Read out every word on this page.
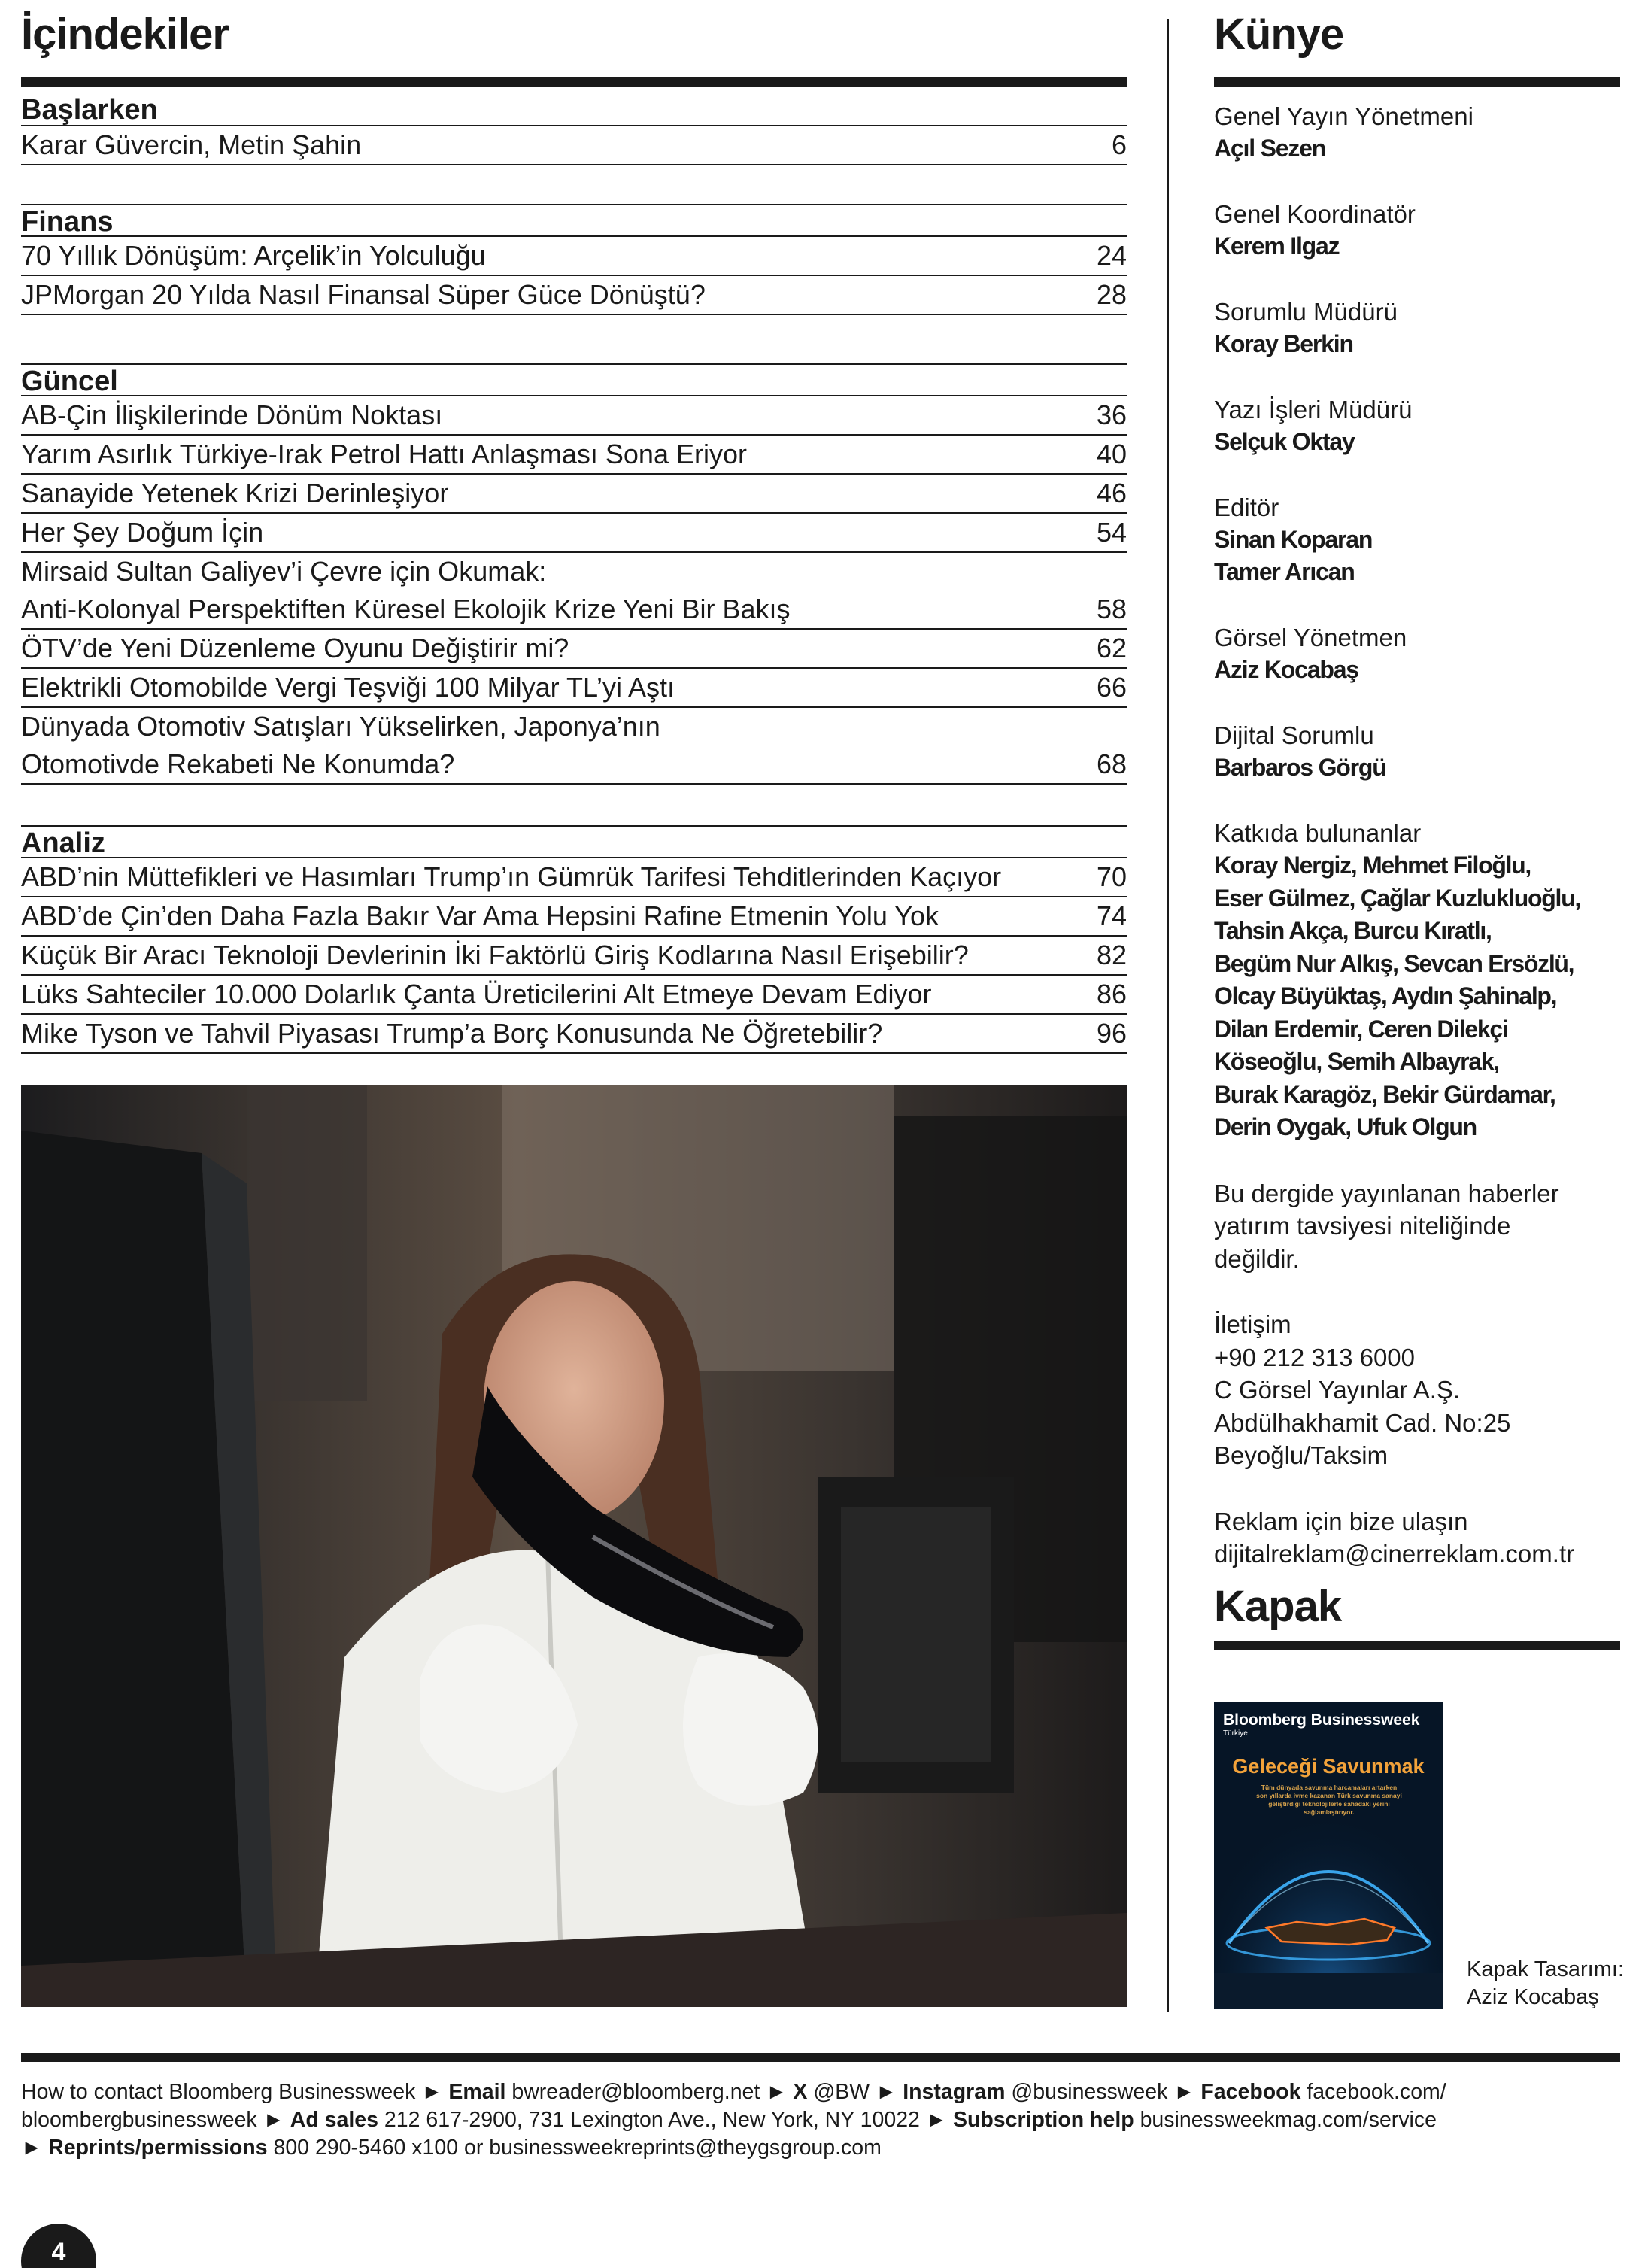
İçindekiler
Başlarken
Karar Güvercin, Metin Şahin	6
Finans
70 Yıllık Dönüşüm: Arçelik’in Yolculuğu	24
JPMorgan 20 Yılda Nasıl Finansal Süper Güce Dönüştü?	28
Güncel
AB-Çin İlişkilerinde Dönüm Noktası	36
Yarım Asırlık Türkiye-Irak Petrol Hattı Anlaşması Sona Eriyor	40
Sanayide Yetenek Krizi Derinleşiyor	46
Her Şey Doğum İçin	54
Mirsaid Sultan Galiyev’i Çevre için Okumak:
Anti-Kolonyal Perspektiften Küresel Ekolojik Krize Yeni Bir Bakış	58
ÖTV’de Yeni Düzenleme Oyunu Değiştirir mi?	62
Elektrikli Otomobilde Vergi Teşviği 100 Milyar TL’yi Aştı	66
Dünyada Otomotiv Satışları Yükselirken, Japonya’nın
Otomotivde Rekabeti Ne Konumda?	68
Analiz
ABD’nin Müttefikleri ve Hasımları Trump’ın Gümrük Tarifesi Tehditlerinden Kaçıyor	70
ABD’de Çin’den Daha Fazla Bakır Var Ama Hepsini Rafine Etmenin Yolu Yok	74
Küçük Bir Aracı Teknoloji Devlerinin İki Faktörlü Giriş Kodlarına Nasıl Erişebilir?	82
Lüks Sahteciler 10.000 Dolarlık Çanta Üreticilerini Alt Etmeye Devam Ediyor	86
Mike Tyson ve Tahvil Piyasası Trump’a Borç Konusunda Ne Öğretebilir?	96
Künye
Genel Yayın Yönetmeni
Açıl Sezen
Genel Koordinatör
Kerem Ilgaz
Sorumlu Müdürü
Koray Berkin
Yazı İşleri Müdürü
Selçuk Oktay
Editör
Sinan Koparan
Tamer Arıcan
Görsel Yönetmen
Aziz Kocabaş
Dijital Sorumlu
Barbaros Görgü
Katkıda bulunanlar
Koray Nergiz, Mehmet Filoğlu,
Eser Gülmez, Çağlar Kuzlukluoğlu,
Tahsin Akça, Burcu Kıratlı,
Begüm Nur Alkış, Sevcan Ersözlü,
Olcay Büyüktaş, Aydın Şahinalp,
Dilan Erdemir, Ceren Dilekçi
Köseoğlu, Semih Albayrak,
Burak Karagöz, Bekir Gürdamar,
Derin Oygak, Ufuk Olgun
Bu dergide yayınlanan haberler
yatırım tavsiyesi niteliğinde
değildir.
İletişim
+90 212 313 6000
C Görsel Yayınlar A.Ş.
Abdülhakhamit Cad. No:25
Beyoğlu/Taksim
Reklam için bize ulaşın
dijitalreklam@cinerreklam.com.tr
Kapak
Bloomberg Businessweek
Türkiye
Geleceği Savunmak
Tüm dünyada savunma harcamaları artarken son yıllarda ivme kazanan Türk savunma sanayi geliştirdiği teknolojilerle sahadaki yerini sağlamlaştırıyor.
Kapak Tasarımı:
Aziz Kocabaş
How to contact Bloomberg Businessweek ► Email bwreader@bloomberg.net ► X @BW ► Instagram @businessweek ► Facebook facebook.com/ bloombergbusinessweek ► Ad sales 212 617-2900, 731 Lexington Ave., New York, NY 10022 ► Subscription help businessweekmag.com/service
► Reprints/permissions 800 290-5460 x100 or businessweekreprints@theygsgroup.com
4
